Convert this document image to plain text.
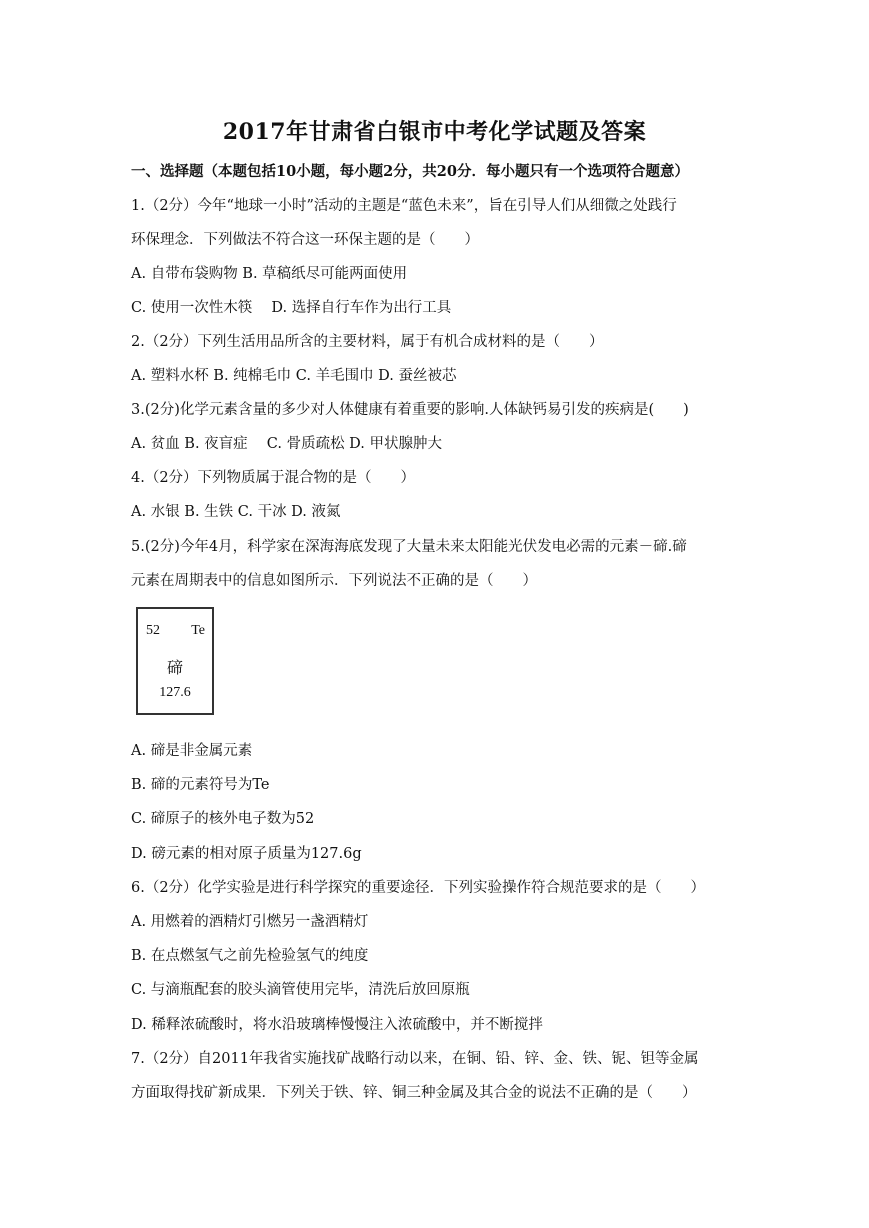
2017年甘肃省白银市中考化学试题及答案
一、选择题（本题包括10小题，每小题2分，共20分．每小题只有一个选项符合题意）
1.（2分）今年“地球一小时”活动的主题是“蓝色未来”，旨在引导人们从细微之处践行
环保理念．下列做法不符合这一环保主题的是（　　）
A. 自带布袋购物 B. 草稿纸尽可能两面使用
C. 使用一次性木筷　 D. 选择自行车作为出行工具
2.（2分）下列生活用品所含的主要材料，属于有机合成材料的是（　　）
A. 塑料水杯 B. 纯棉毛巾 C. 羊毛围巾 D. 蚕丝被芯
3.(2分)化学元素含量的多少对人体健康有着重要的影响.人体缺钙易引发的疾病是(　　)
A. 贫血 B. 夜盲症　 C. 骨质疏松 D. 甲状腺肿大
4.（2分）下列物质属于混合物的是（　　）
A. 水银 B. 生铁 C. 干冰 D. 液氮
5.(2分)今年4月，科学家在深海海底发现了大量未来太阳能光伏发电必需的元素－碲.碲
元素在周期表中的信息如图所示．下列说法不正确的是（　　）
52 Te
碲
127.6
A. 碲是非金属元素
B. 碲的元素符号为Te
C. 碲原子的核外电子数为52
D. 磅元素的相对原子质量为127.6g
6.（2分）化学实验是进行科学探究的重要途径．下列实验操作符合规范要求的是（　　）
A. 用燃着的酒精灯引燃另一盏酒精灯
B. 在点燃氢气之前先检验氢气的纯度
C. 与滴瓶配套的胶头滴管使用完毕，清洗后放回原瓶
D. 稀释浓硫酸时，将水沿玻璃棒慢慢注入浓硫酸中，并不断搅拌
7.（2分）自2011年我省实施找矿战略行动以来，在铜、铅、锌、金、铁、铌、钽等金属
方面取得找矿新成果．下列关于铁、锌、铜三种金属及其合金的说法不正确的是（　　）
